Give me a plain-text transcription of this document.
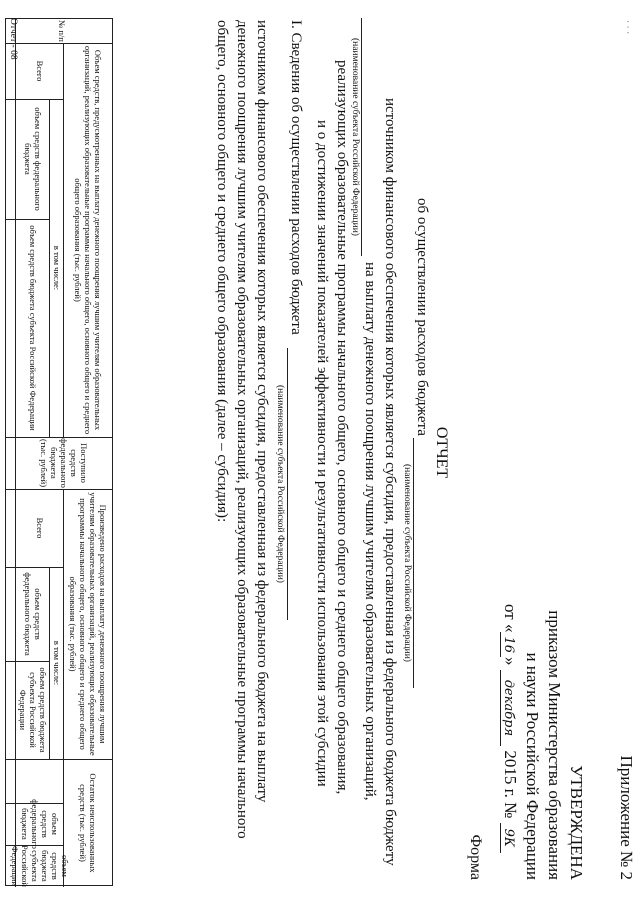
· · ·
Приложение № 2
УТВЕРЖДЕНА
приказом Министерства образования
и науки Российской Федерации
от «16» декабря 2015 г. № 9К
Форма
ОТЧЕТ
об осуществлении расходов бюджета
(наименование субъекта Российской Федерации)
источником финансового обеспечения которых является субсидия, предоставленная из федерального бюджета бюджету
на выплату денежного поощрения лучшим учителям образовательных организаций,
(наименование субъекта Российской Федерации)
реализующих образовательные программы начального общего, основного общего и среднего общего образования,
и о достижении значений показателей эффективности и результативности использования этой субсидии
I. Сведения об осуществлении расходов бюджета
(наименование субъекта Российской Федерации)
источником финансового обеспечения которых является субсидия, предоставленная из федерального бюджета на выплату
денежного поощрения лучшим учителям образовательных организаций, реализующих образовательные программы начального
общего, основного общего и среднего общего образования (далее – субсидия):
№ п/п
Объем средств, предусмотренных на выплату денежного поощрения лучшим учителям образовательных организаций, реализующих образовательные программы начального общего, основного общего и среднего общего образования (тыс. рублей)
Всего
в том числе:
объем средств федерального бюджета
объем средств бюджета субъекта Российской Федерации
Поступило средств федерального бюджета (тыс. рублей)
Произведено расходов на выплату денежного поощрения лучшим учителям образовательных организаций, реализующих образовательные программы начального общего, основного общего и среднего общего образования (тыс. рублей)
Всего
в том числе:
объем средств федерального бюджета
объем средств бюджета субъекта Российской Федерации
Остаток неиспользованных средств (тыс. рублей)
объем средств федерального бюджета
объем средств бюджета субъекта Российской Федерации
Отчет - 08
